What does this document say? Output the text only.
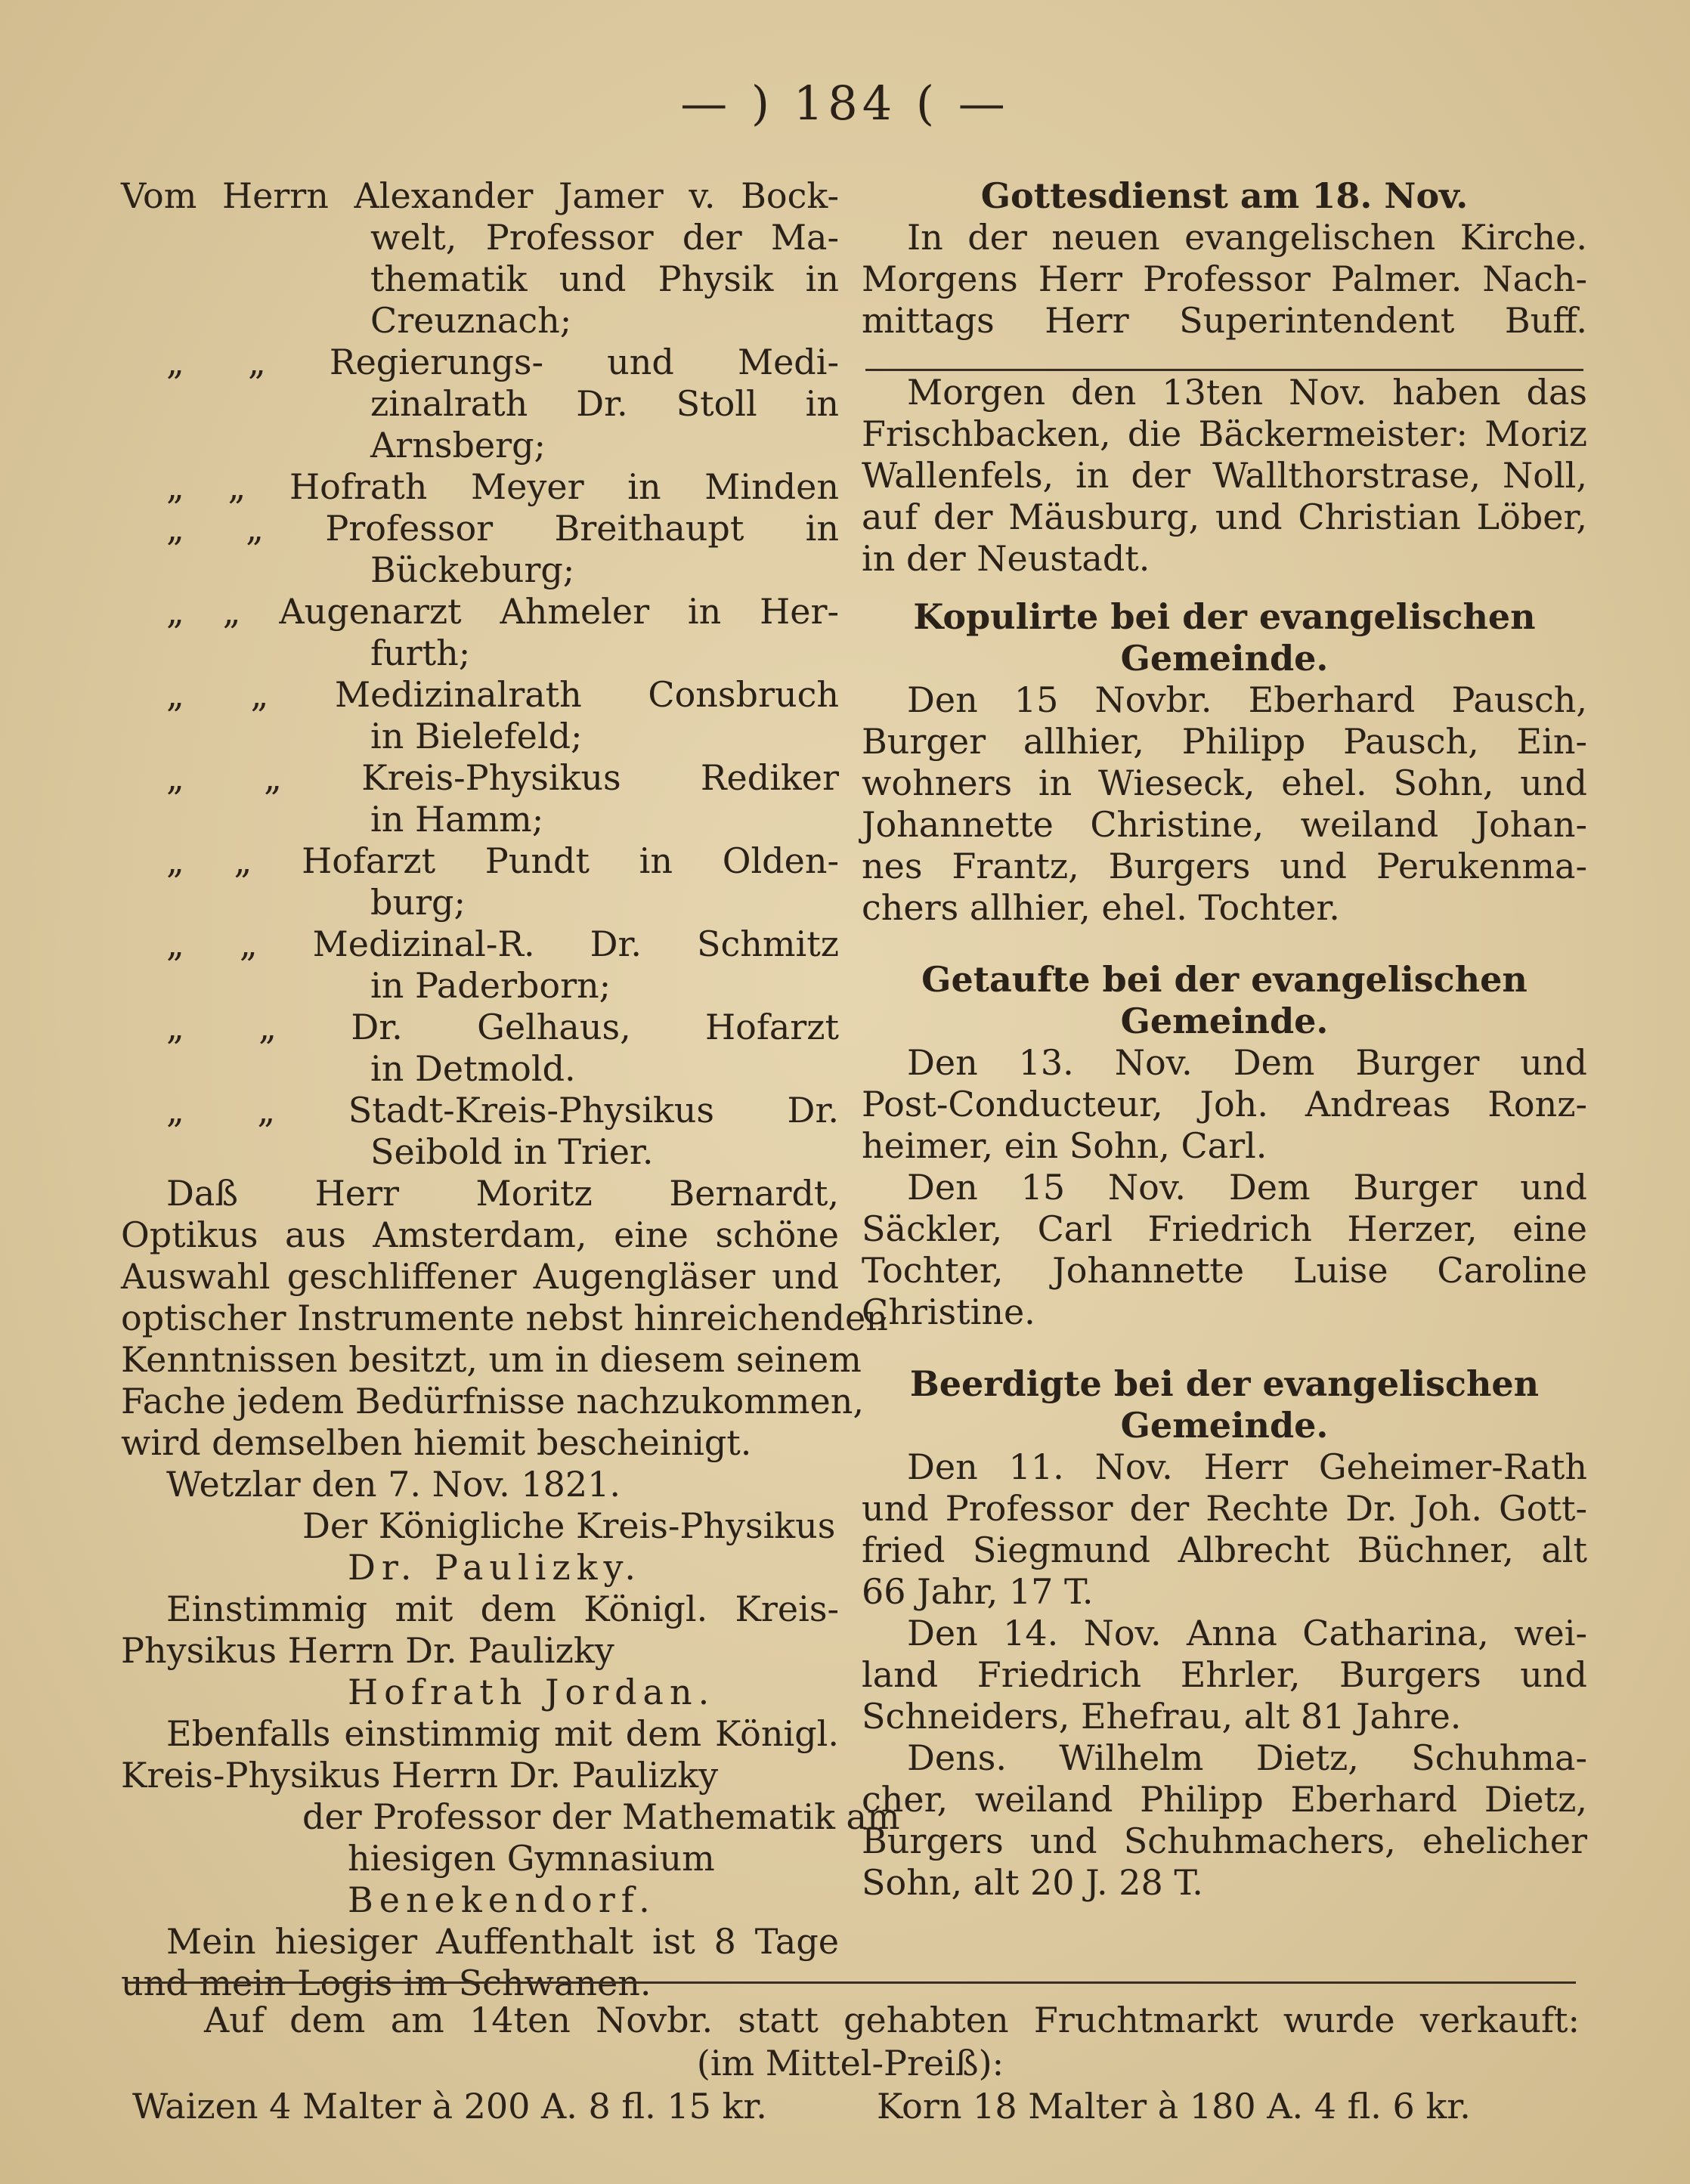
— ) 184 ( —
Vom Herrn Alexander Jamer v. Bock-
welt, Professor der Ma-
thematik und Physik in
Creuznach;
„ „ Regierungs- und Medi-
zinalrath Dr. Stoll in
Arnsberg;
„ „ Hofrath Meyer in Minden
„ „ Professor Breithaupt in
Bückeburg;
„ „ Augenarzt Ahmeler in Her-
furth;
„ „ Medizinalrath Consbruch
in Bielefeld;
„ „ Kreis-Physikus Rediker
in Hamm;
„ „ Hofarzt Pundt in Olden-
burg;
„ „ Medizinal-R. Dr. Schmitz
in Paderborn;
„ „ Dr. Gelhaus, Hofarzt
in Detmold.
„ „ Stadt-Kreis-Physikus Dr.
Seibold in Trier.
Daß Herr Moritz Bernardt,
Optikus aus Amsterdam, eine schöne
Auswahl geschliffener Augengläser und
optischer Instrumente nebst hinreichenden
Kenntnissen besitzt, um in diesem seinem
Fache jedem Bedürfnisse nachzukommen,
wird demselben hiemit bescheinigt.
Wetzlar den 7. Nov. 1821.
Der Königliche Kreis-Physikus
Dr. Paulizky.
Einstimmig mit dem Königl. Kreis-
Physikus Herrn Dr. Paulizky
Hofrath Jordan.
Ebenfalls einstimmig mit dem Königl.
Kreis-Physikus Herrn Dr. Paulizky
der Professor der Mathematik am
hiesigen Gymnasium
Benekendorf.
Mein hiesiger Auffenthalt ist 8 Tage
und mein Logis im Schwanen.
Gottesdienst am 18. Nov.
In der neuen evangelischen Kirche.
Morgens Herr Professor Palmer. Nach-
mittags Herr Superintendent Buff.
Morgen den 13ten Nov. haben das
Frischbacken, die Bäckermeister: Moriz
Wallenfels, in der Wallthorstrase, Noll,
auf der Mäusburg, und Christian Löber,
in der Neustadt.
Kopulirte bei der evangelischen
Gemeinde.
Den 15 Novbr. Eberhard Pausch,
Burger allhier, Philipp Pausch, Ein-
wohners in Wieseck, ehel. Sohn, und
Johannette Christine, weiland Johan-
nes Frantz, Burgers und Perukenma-
chers allhier, ehel. Tochter.
Getaufte bei der evangelischen
Gemeinde.
Den 13. Nov. Dem Burger und
Post-Conducteur, Joh. Andreas Ronz-
heimer, ein Sohn, Carl.
Den 15 Nov. Dem Burger und
Säckler, Carl Friedrich Herzer, eine
Tochter, Johannette Luise Caroline
Christine.
Beerdigte bei der evangelischen
Gemeinde.
Den 11. Nov. Herr Geheimer-Rath
und Professor der Rechte Dr. Joh. Gott-
fried Siegmund Albrecht Büchner, alt
66 Jahr, 17 T.
Den 14. Nov. Anna Catharina, wei-
land Friedrich Ehrler, Burgers und
Schneiders, Ehefrau, alt 81 Jahre.
Dens. Wilhelm Dietz, Schuhma-
cher, weiland Philipp Eberhard Dietz,
Burgers und Schuhmachers, ehelicher
Sohn, alt 20 J. 28 T.
Auf dem am 14ten Novbr. statt gehabten Fruchtmarkt wurde verkauft:
(im Mittel-Preiß):
Waizen 4 Malter à 200 A. 8 fl. 15 kr.	Korn 18 Malter à 180 A. 4 fl. 6 kr.
